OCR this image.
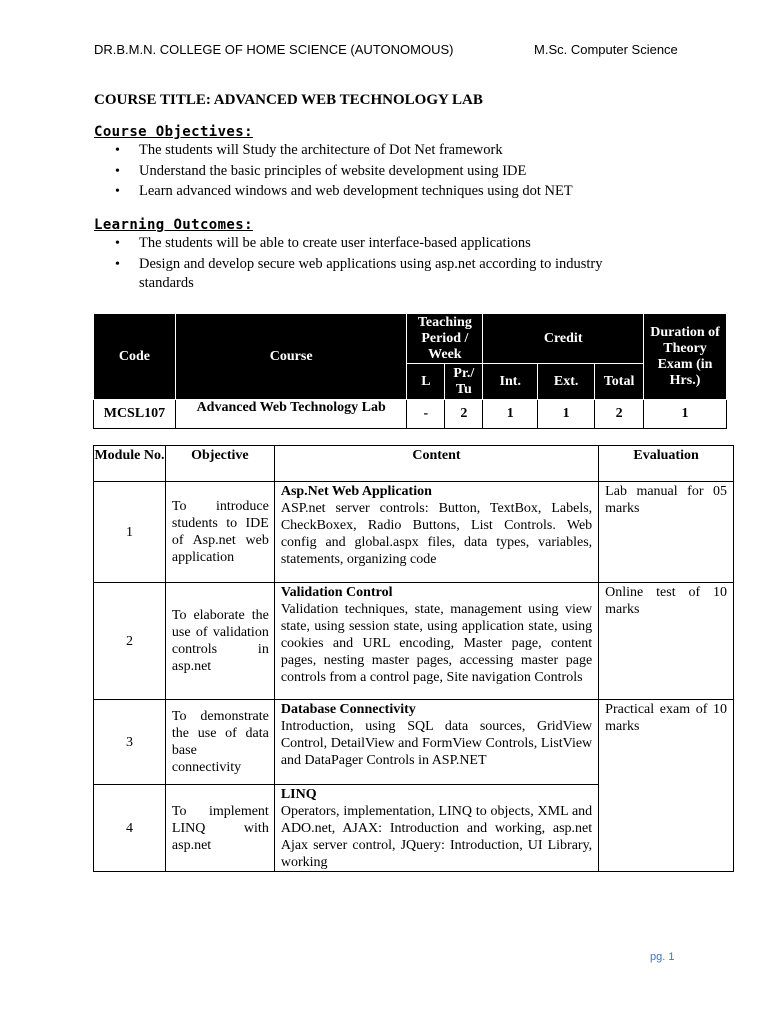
DR.B.M.N. COLLEGE OF HOME SCIENCE (AUTONOMOUS)	M.Sc. Computer Science
COURSE TITLE: ADVANCED WEB TECHNOLOGY LAB
Course Objectives:
• The students will Study the architecture of Dot Net framework
• Understand the basic principles of website development using IDE
• Learn advanced windows and web development techniques using dot NET
Learning Outcomes:
• The students will be able to create user interface-based applications
• Design and develop secure web applications using asp.net according to industry standards
Code	Course	Teaching Period / Week		Credit			Duration of Theory Exam (in Hrs.)
		L	Pr./ Tu	Int.	Ext.	Total	
MCSL107	Advanced Web Technology Lab	-	2	1	1	2	1
Module No.	Objective	Content	Evaluation
1	To introduce students to IDE of Asp.net web application	Asp.Net Web Application
ASP.net server controls: Button, TextBox, Labels, CheckBoxex, Radio Buttons, List Controls. Web config and global.aspx files, data types, variables, statements, organizing code	Lab manual for 05 marks
2	To elaborate the use of validation controls in asp.net	Validation Control
Validation techniques, state, management using view state, using session state, using application state, using cookies and URL encoding, Master page, content pages, nesting master pages, accessing master page controls from a control page, Site navigation Controls	Online test of 10 marks
3	To demonstrate the use of data base connectivity	Database Connectivity
Introduction, using SQL data sources, GridView Control, DetailView and FormView Controls, ListView and DataPager Controls in ASP.NET	Practical exam of 10 marks
4	To implement LINQ with asp.net	LINQ
Operators, implementation, LINQ to objects, XML and ADO.net, AJAX: Introduction and working, asp.net Ajax server control, JQuery: Introduction, UI Library, working	
pg. 1
